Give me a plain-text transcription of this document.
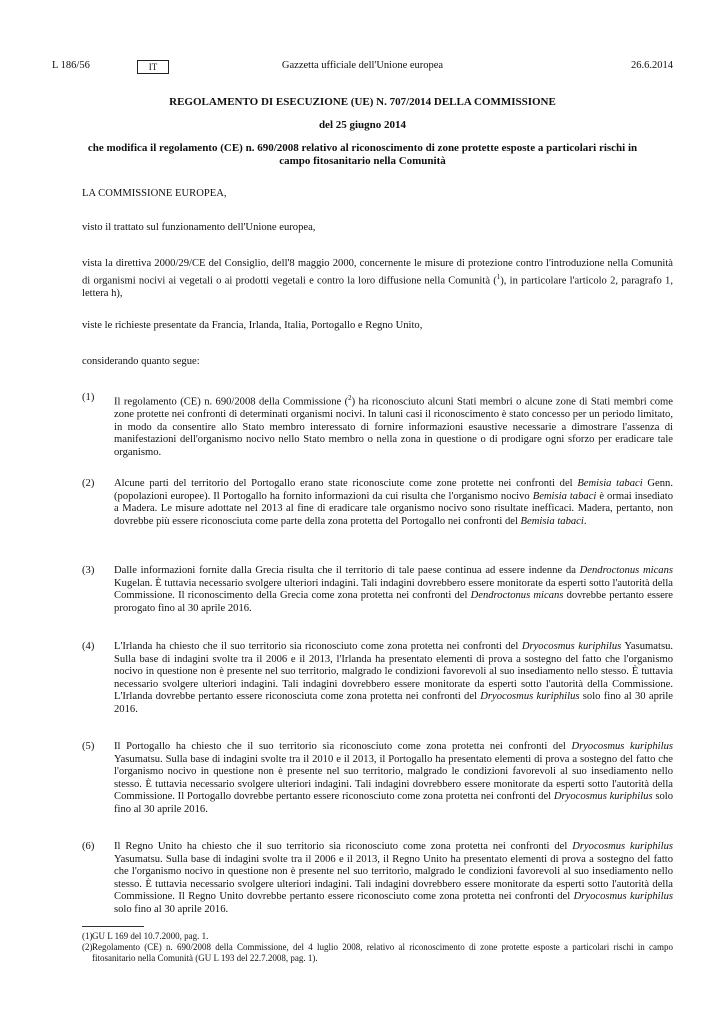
L 186/56	IT	Gazzetta ufficiale dell'Unione europea	26.6.2014
REGOLAMENTO DI ESECUZIONE (UE) N. 707/2014 DELLA COMMISSIONE
del 25 giugno 2014
che modifica il regolamento (CE) n. 690/2008 relativo al riconoscimento di zone protette esposte a particolari rischi in campo fitosanitario nella Comunità

LA COMMISSIONE EUROPEA,

visto il trattato sul funzionamento dell'Unione europea,

vista la direttiva 2000/29/CE del Consiglio, dell'8 maggio 2000, concernente le misure di protezione contro l'introduzione nella Comunità di organismi nocivi ai vegetali o ai prodotti vegetali e contro la loro diffusione nella Comunità ($^1$), in particolare l'articolo 2, paragrafo 1, lettera h),

viste le richieste presentate da Francia, Irlanda, Italia, Portogallo e Regno Unito,

considerando quanto segue:

(1)	Il regolamento (CE) n. 690/2008 della Commissione ($^2$) ha riconosciuto alcuni Stati membri o alcune zone di Stati membri come zone protette nei confronti di determinati organismi nocivi. In taluni casi il riconoscimento è stato concesso per un periodo limitato, in modo da consentire allo Stato membro interessato di fornire informazioni esaustive necessarie a dimostrare l'assenza di manifestazioni dell'organismo nocivo nello Stato membro o nella zona in questione o di prodigare ogni sforzo per eradicare tale organismo.
(2)	Alcune parti del territorio del Portogallo erano state riconosciute come zone protette nei confronti del Bemisia tabaci Genn. (popolazioni europee). Il Portogallo ha fornito informazioni da cui risulta che l'organismo nocivo Bemisia tabaci è ormai insediato a Madera. Le misure adottate nel 2013 al fine di eradicare tale organismo nocivo sono risultate inefficaci. Madera, pertanto, non dovrebbe più essere riconosciuta come parte della zona protetta del Portogallo nei confronti del Bemisia tabaci.
(3)	Dalle informazioni fornite dalla Grecia risulta che il territorio di tale paese continua ad essere indenne da Dendroctonus micans Kugelan. È tuttavia necessario svolgere ulteriori indagini. Tali indagini dovrebbero essere monitorate da esperti sotto l'autorità della Commissione. Il riconoscimento della Grecia come zona protetta nei confronti del Dendroctonus micans dovrebbe pertanto essere prorogato fino al 30 aprile 2016.
(4)	L'Irlanda ha chiesto che il suo territorio sia riconosciuto come zona protetta nei confronti del Dryocosmus kuriphilus Yasumatsu. Sulla base di indagini svolte tra il 2006 e il 2013, l'Irlanda ha presentato elementi di prova a sostegno del fatto che l'organismo nocivo in questione non è presente nel suo territorio, malgrado le condizioni favorevoli al suo insediamento nello stesso. È tuttavia necessario svolgere ulteriori indagini. Tali indagini dovrebbero essere monitorate da esperti sotto l'autorità della Commissione. L'Irlanda dovrebbe pertanto essere riconosciuta come zona protetta nei confronti del Dryocosmus kuriphilus solo fino al 30 aprile 2016.
(5)	Il Portogallo ha chiesto che il suo territorio sia riconosciuto come zona protetta nei confronti del Dryocosmus kuriphilus Yasumatsu. Sulla base di indagini svolte tra il 2010 e il 2013, il Portogallo ha presentato elementi di prova a sostegno del fatto che l'organismo nocivo in questione non è presente nel suo territorio, malgrado le condizioni favorevoli al suo insediamento nello stesso. È tuttavia necessario svolgere ulteriori indagini. Tali indagini dovrebbero essere monitorate da esperti sotto l'autorità della Commissione. Il Portogallo dovrebbe pertanto essere riconosciuto come zona protetta nei confronti del Dryocosmus kuriphilus solo fino al 30 aprile 2016.
(6)	Il Regno Unito ha chiesto che il suo territorio sia riconosciuto come zona protetta nei confronti del Dryocosmus kuriphilus Yasumatsu. Sulla base di indagini svolte tra il 2006 e il 2013, il Regno Unito ha presentato elementi di prova a sostegno del fatto che l'organismo nocivo in questione non è presente nel suo territorio, malgrado le condizioni favorevoli al suo insediamento nello stesso. È tuttavia necessario svolgere ulteriori indagini. Tali indagini dovrebbero essere monitorate da esperti sotto l'autorità della Commissione. Il Regno Unito dovrebbe pertanto essere riconosciuto come zona protetta nei confronti del Dryocosmus kuriphilus solo fino al 30 aprile 2016.
(1) GU L 169 del 10.7.2000, pag. 1.
(2) Regolamento (CE) n. 690/2008 della Commissione, del 4 luglio 2008, relativo al riconoscimento di zone protette esposte a particolari rischi in campo fitosanitario nella Comunità (GU L 193 del 22.7.2008, pag. 1).
